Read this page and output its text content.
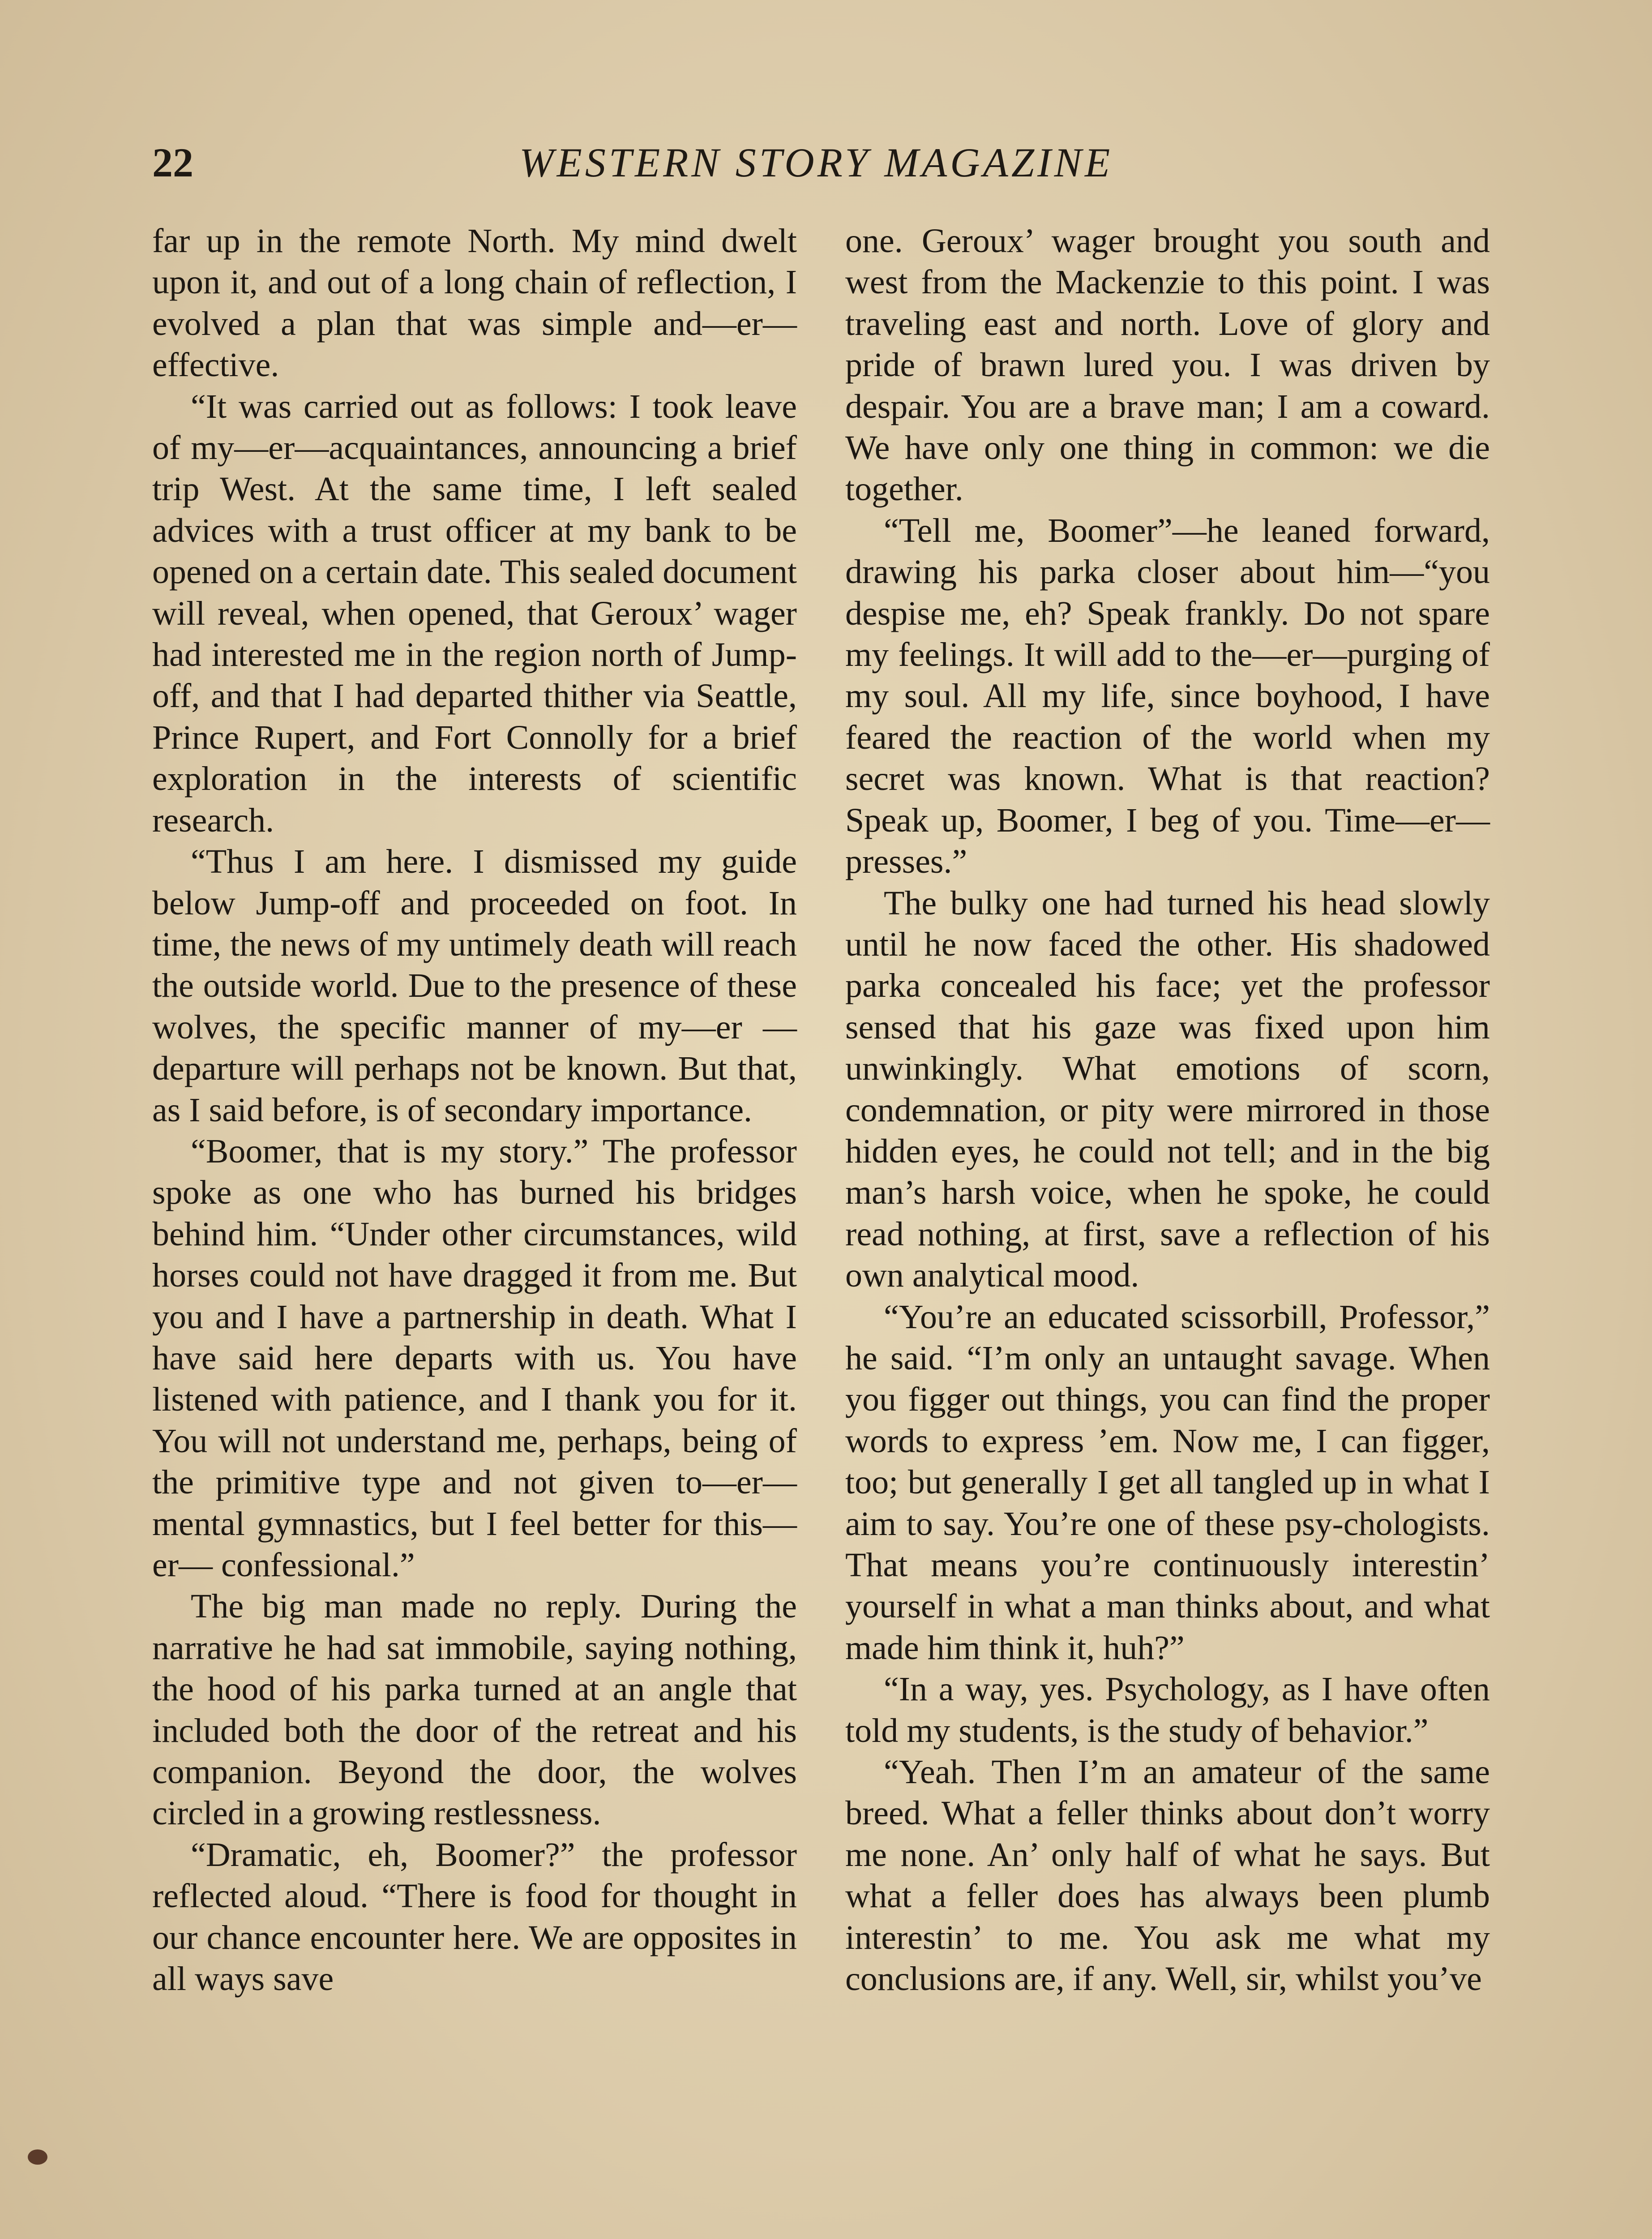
22	WESTERN STORY MAGAZINE

far up in the remote North. My mind dwelt upon it, and out of a long chain of reflection, I evolved a plan that was simple and—er—effective.

“It was carried out as follows: I took leave of my—er—acquaintances, announcing a brief trip West. At the same time, I left sealed advices with a trust officer at my bank to be opened on a certain date. This sealed document will reveal, when opened, that Geroux’ wager had interested me in the region north of Jump-off, and that I had departed thither via Seattle, Prince Rupert, and Fort Connolly for a brief exploration in the interests of scientific research.

“Thus I am here. I dismissed my guide below Jump-off and proceeded on foot. In time, the news of my untimely death will reach the outside world. Due to the presence of these wolves, the specific manner of my—er —departure will perhaps not be known. But that, as I said before, is of secondary importance.

“Boomer, that is my story.” The professor spoke as one who has burned his bridges behind him. “Under other circumstances, wild horses could not have dragged it from me. But you and I have a partnership in death. What I have said here departs with us. You have listened with patience, and I thank you for it. You will not understand me, perhaps, being of the primitive type and not given to—er—mental gymnastics, but I feel better for this—er— confessional.”

The big man made no reply. During the narrative he had sat immobile, saying nothing, the hood of his parka turned at an angle that included both the door of the retreat and his companion. Beyond the door, the wolves circled in a growing restlessness.

“Dramatic, eh, Boomer?” the professor reflected aloud. “There is food for thought in our chance encounter here. We are opposites in all ways save

one. Geroux’ wager brought you south and west from the Mackenzie to this point. I was traveling east and north. Love of glory and pride of brawn lured you. I was driven by despair. You are a brave man; I am a coward. We have only one thing in common: we die together.

“Tell me, Boomer”—he leaned forward, drawing his parka closer about him—“you despise me, eh? Speak frankly. Do not spare my feelings. It will add to the—er—purging of my soul. All my life, since boyhood, I have feared the reaction of the world when my secret was known. What is that reaction? Speak up, Boomer, I beg of you. Time—er—presses.”

The bulky one had turned his head slowly until he now faced the other. His shadowed parka concealed his face; yet the professor sensed that his gaze was fixed upon him unwinkingly. What emotions of scorn, condemnation, or pity were mirrored in those hidden eyes, he could not tell; and in the big man’s harsh voice, when he spoke, he could read nothing, at first, save a reflection of his own analytical mood.

“You’re an educated scissorbill, Professor,” he said. “I’m only an untaught savage. When you figger out things, you can find the proper words to express ’em. Now me, I can figger, too; but generally I get all tangled up in what I aim to say. You’re one of these psy-chologists. That means you’re continuously interestin’ yourself in what a man thinks about, and what made him think it, huh?”

“In a way, yes. Psychology, as I have often told my students, is the study of behavior.”

“Yeah. Then I’m an amateur of the same breed. What a feller thinks about don’t worry me none. An’ only half of what he says. But what a feller does has always been plumb interestin’ to me. You ask me what my conclusions are, if any. Well, sir, whilst you’ve
